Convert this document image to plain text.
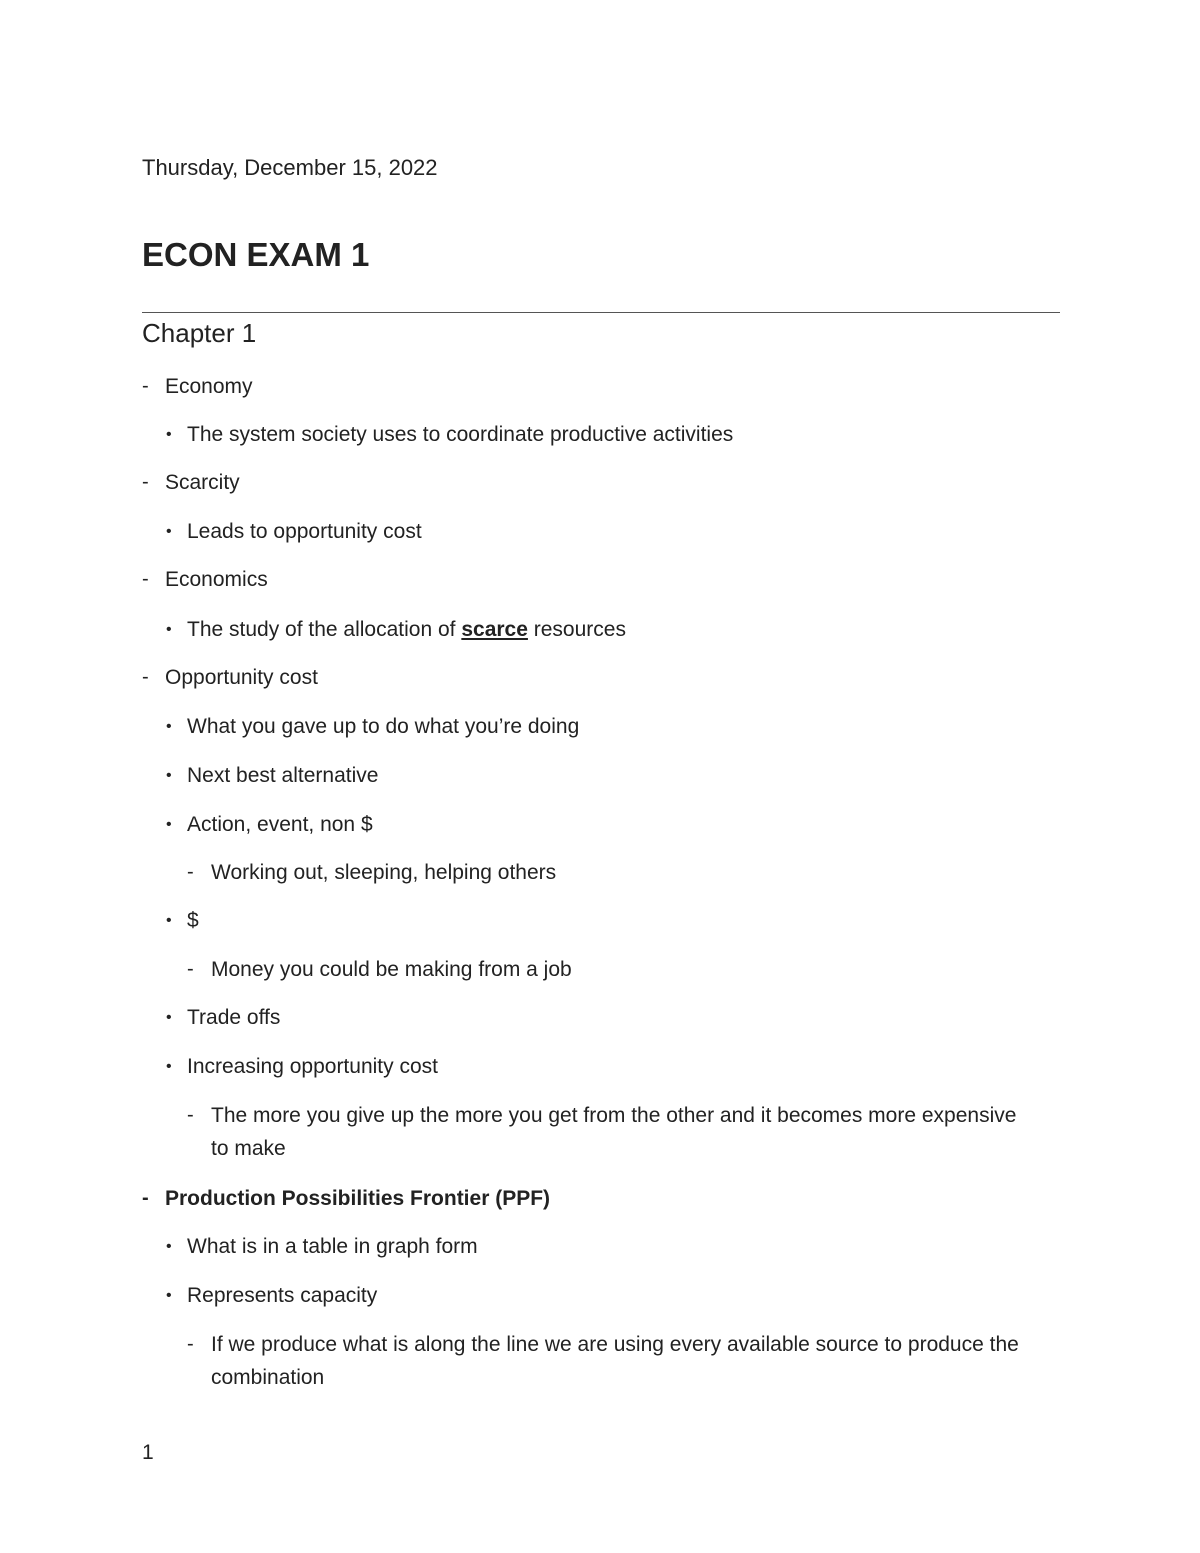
Thursday, December 15, 2022
ECON EXAM 1
Chapter 1
- Economy
• The system society uses to coordinate productive activities
- Scarcity
• Leads to opportunity cost
- Economics
• The study of the allocation of scarce resources
- Opportunity cost
• What you gave up to do what you’re doing
• Next best alternative
• Action, event, non $
- Working out, sleeping, helping others
• $
- Money you could be making from a job
• Trade offs
• Increasing opportunity cost
- The more you give up the more you get from the other and it becomes more expensive to make
- Production Possibilities Frontier (PPF)
• What is in a table in graph form
• Represents capacity
- If we produce what is along the line we are using every available source to produce the combination
1
